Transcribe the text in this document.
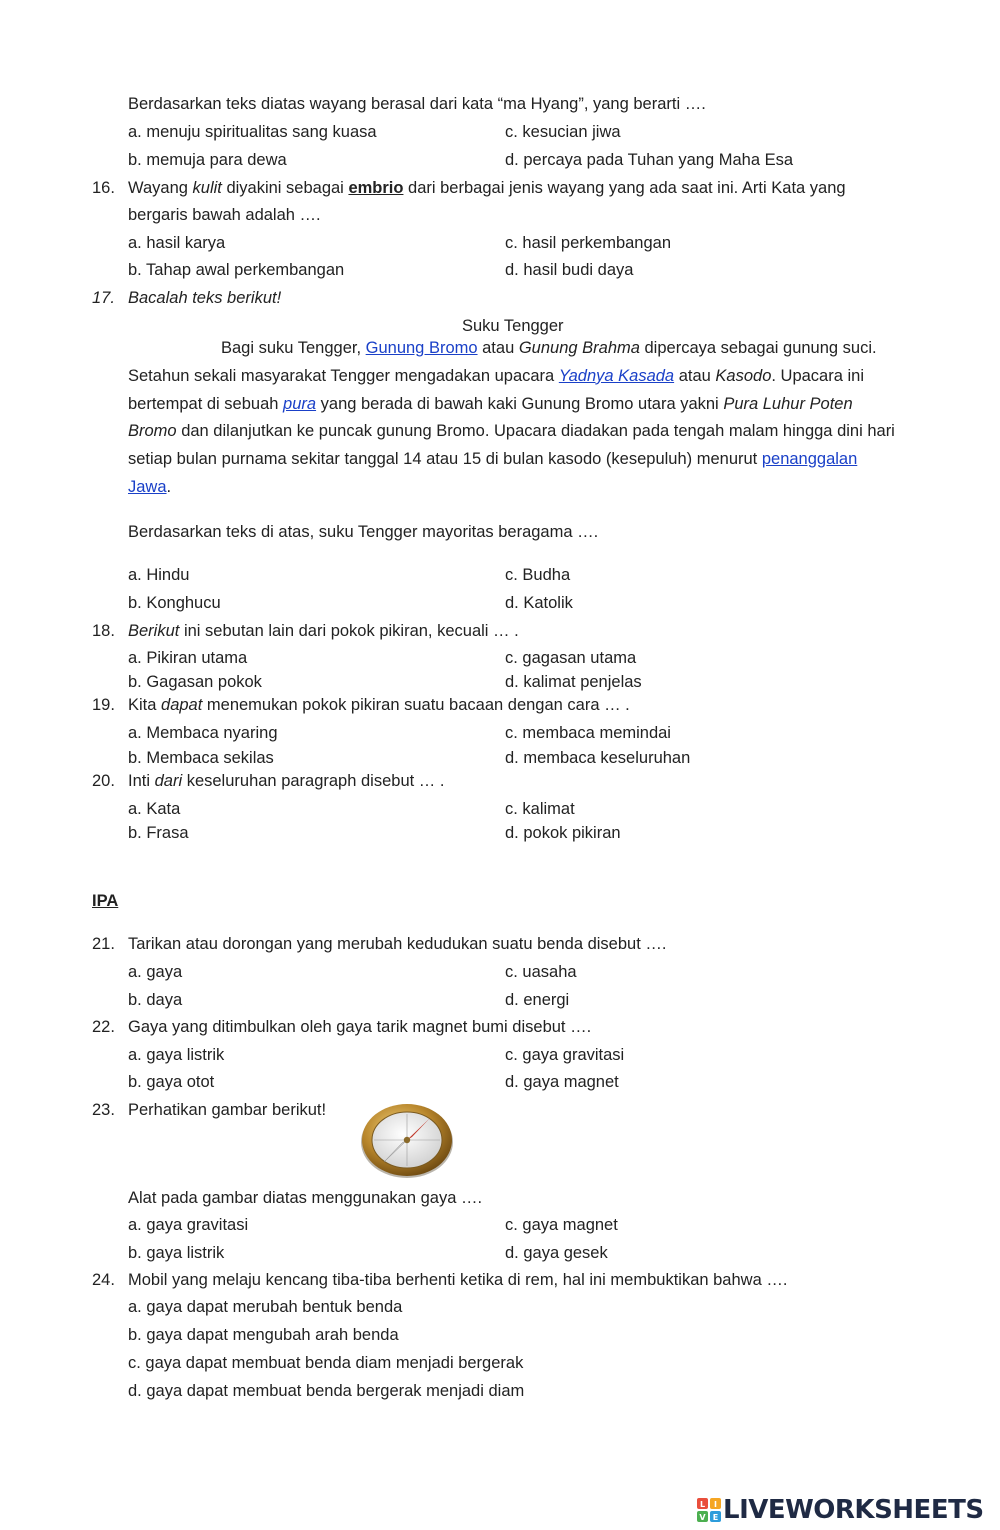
Berdasarkan teks diatas wayang berasal dari kata “ma Hyang”, yang berarti ….
a. menuju spiritualitas sang kuasa	c. kesucian jiwa
b. memuja para dewa	d. percaya pada Tuhan yang Maha Esa
16. Wayang kulit diyakini sebagai embrio dari berbagai jenis wayang yang ada saat ini. Arti Kata yang
bergaris bawah adalah ….
a. hasil karya	c. hasil perkembangan
b. Tahap awal perkembangan	d. hasil budi daya
17. Bacalah teks berikut!
Suku Tengger
Bagi suku Tengger, Gunung Bromo atau Gunung Brahma dipercaya sebagai gunung suci. Setahun sekali masyarakat Tengger mengadakan upacara Yadnya Kasada atau Kasodo. Upacara ini bertempat di sebuah pura yang berada di bawah kaki Gunung Bromo utara yakni Pura Luhur Poten Bromo dan dilanjutkan ke puncak gunung Bromo. Upacara diadakan pada tengah malam hingga dini hari setiap bulan purnama sekitar tanggal 14 atau 15 di bulan kasodo (kesepuluh) menurut penanggalan Jawa.
Berdasarkan teks di atas, suku Tengger mayoritas beragama ….
a. Hindu	c. Budha
b. Konghucu	d. Katolik
18. Berikut ini sebutan lain dari pokok pikiran, kecuali … .
a. Pikiran utama	c. gagasan utama
b. Gagasan pokok	d. kalimat penjelas
19. Kita dapat menemukan pokok pikiran suatu bacaan dengan cara … .
a. Membaca nyaring	c. membaca memindai
b. Membaca sekilas	d. membaca keseluruhan
20. Inti dari keseluruhan paragraph disebut … .
a. Kata	c. kalimat
b. Frasa	d. pokok pikiran
IPA
21. Tarikan atau dorongan yang merubah kedudukan suatu benda disebut ….
a. gaya	c. uasaha
b. daya	d. energi
22. Gaya yang ditimbulkan oleh gaya tarik magnet bumi disebut ….
a. gaya listrik	c. gaya gravitasi
b. gaya otot	d. gaya magnet
23. Perhatikan gambar berikut!
Alat pada gambar diatas menggunakan gaya ….
a. gaya gravitasi	c. gaya magnet
b. gaya listrik	d. gaya gesek
24. Mobil yang melaju kencang tiba-tiba berhenti ketika di rem, hal ini membuktikan bahwa ….
a. gaya dapat merubah bentuk benda
b. gaya dapat mengubah arah benda
c. gaya dapat membuat benda diam menjadi bergerak
d. gaya dapat membuat benda bergerak menjadi diam
L I
V E LIVEWORKSHEETS
